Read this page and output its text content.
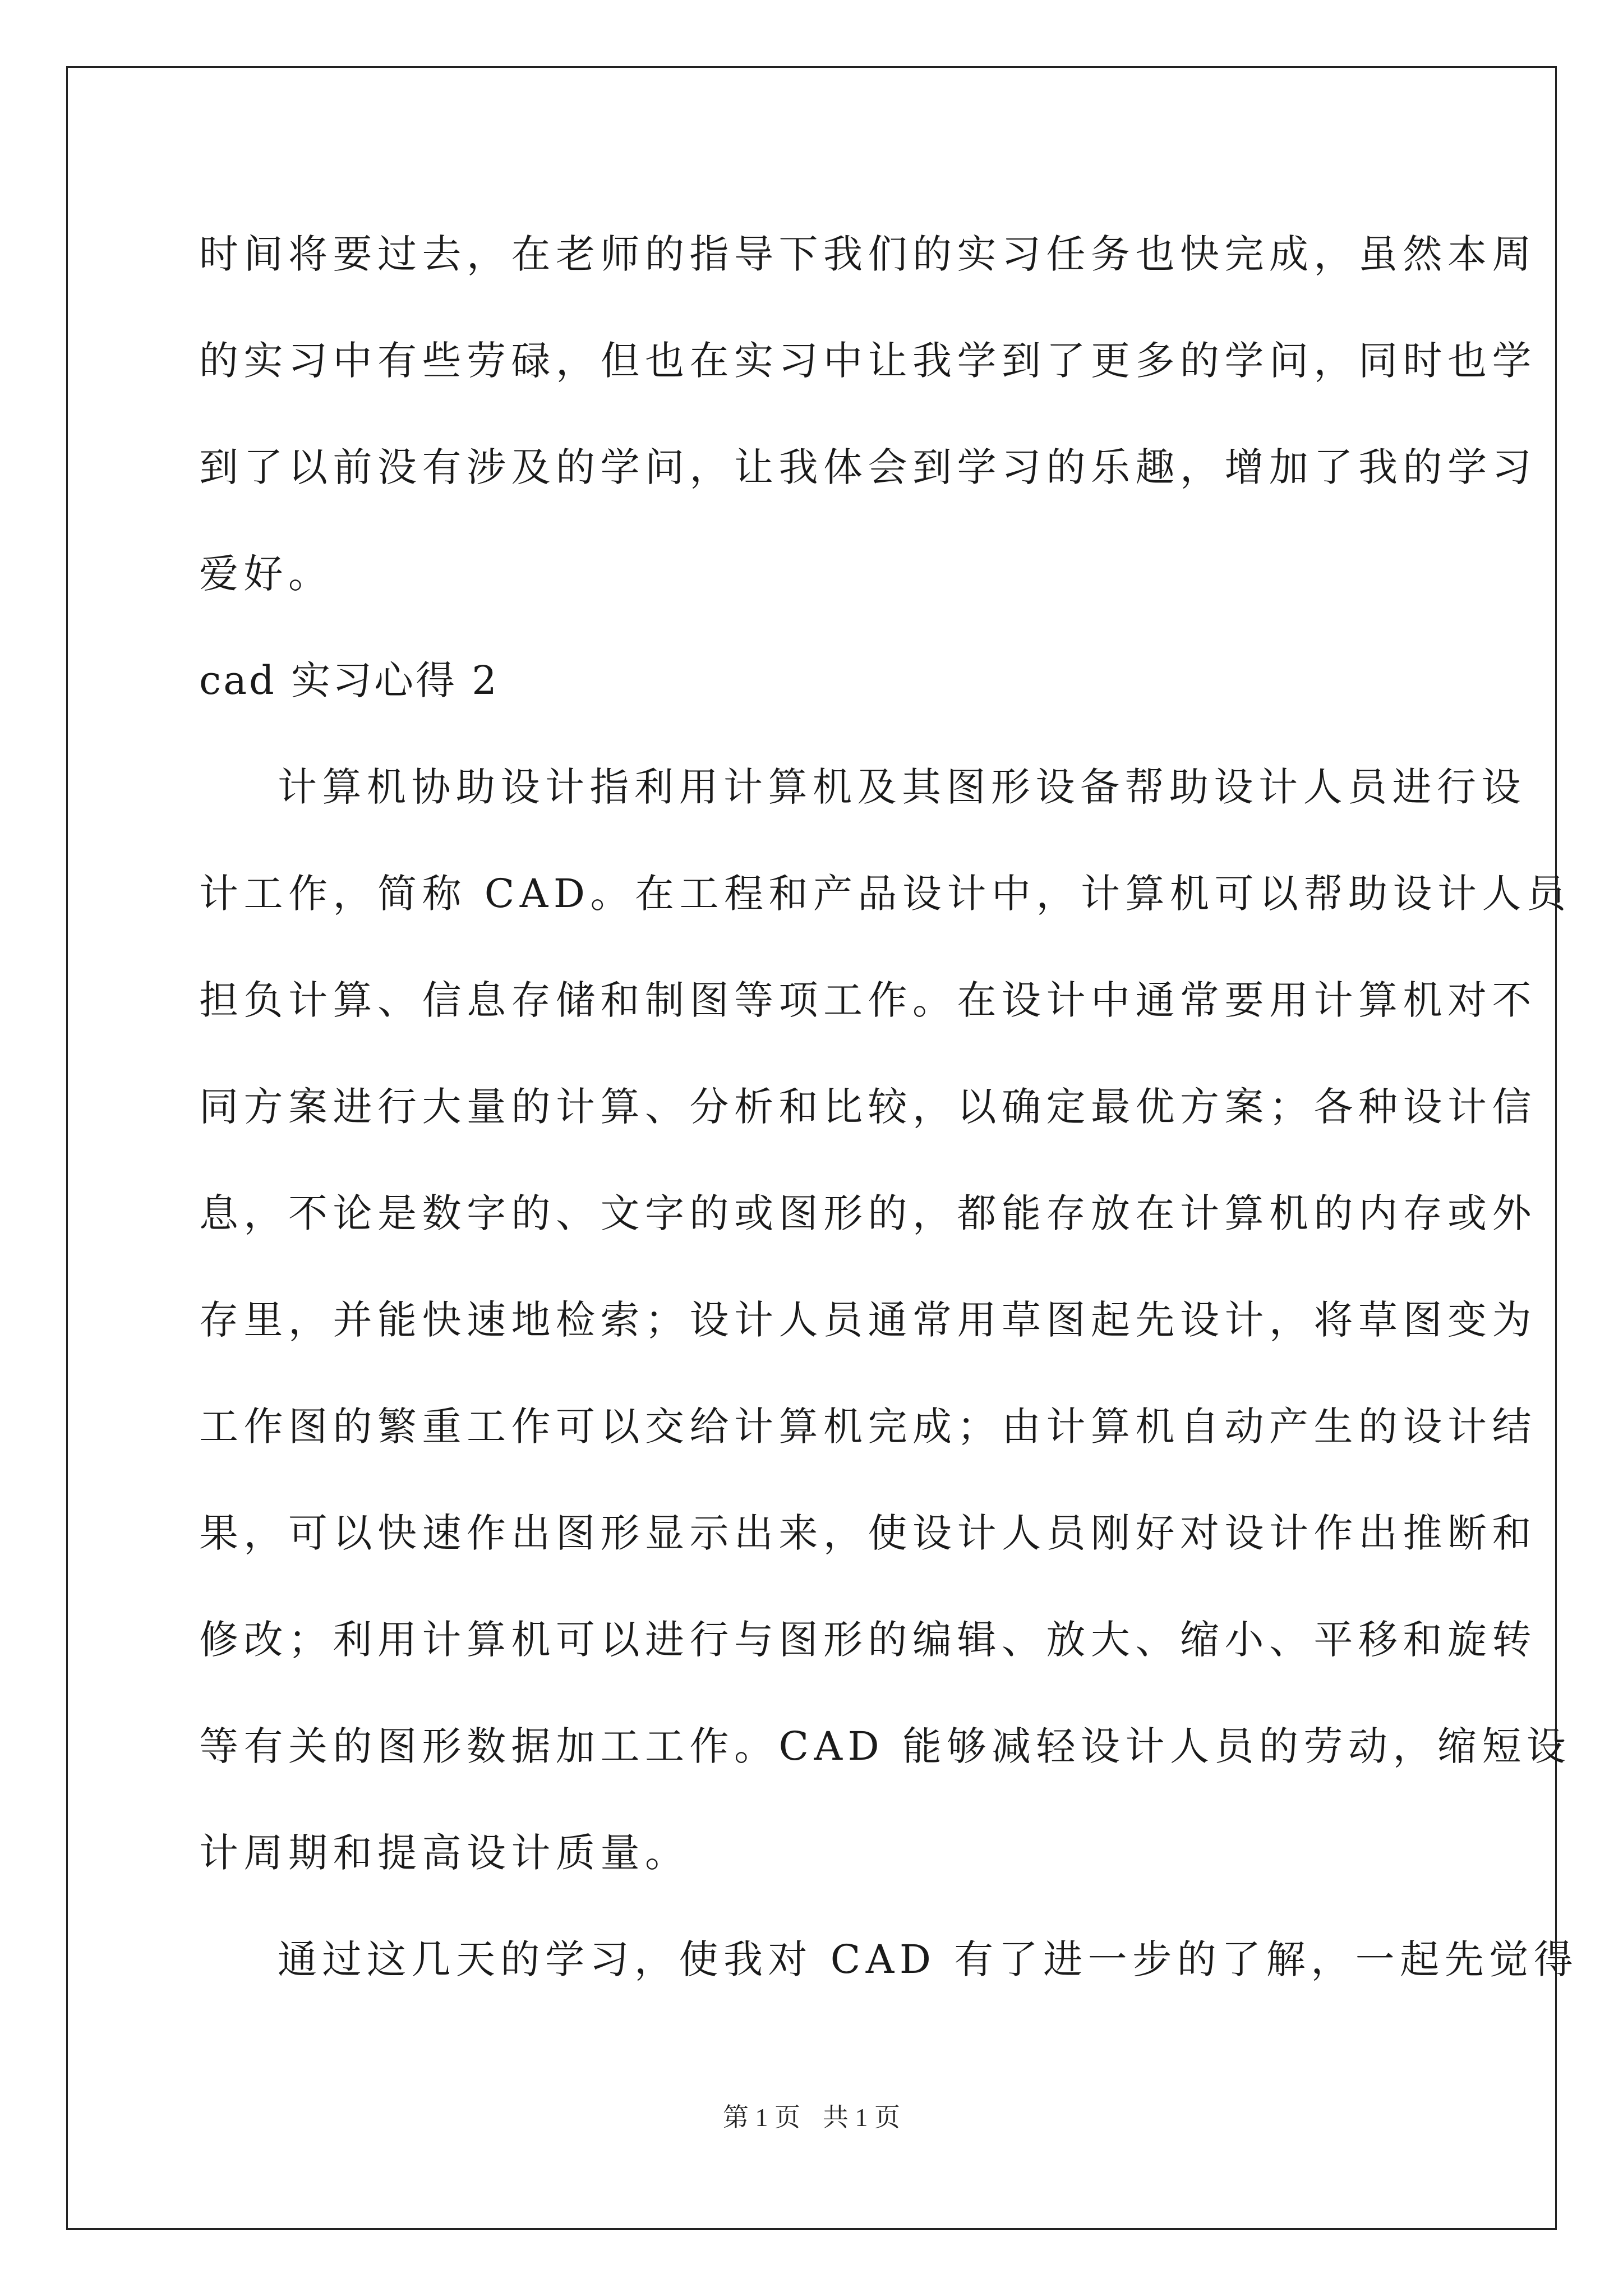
时间将要过去，在老师的指导下我们的实习任务也快完成，虽然本周
的实习中有些劳碌，但也在实习中让我学到了更多的学问，同时也学
到了以前没有涉及的学问，让我体会到学习的乐趣，增加了我的学习
爱好。
cad 实习心得 2
计算机协助设计指利用计算机及其图形设备帮助设计人员进行设
计工作，简称 CAD。在工程和产品设计中，计算机可以帮助设计人员
担负计算、信息存储和制图等项工作。在设计中通常要用计算机对不
同方案进行大量的计算、分析和比较，以确定最优方案；各种设计信
息，不论是数字的、文字的或图形的，都能存放在计算机的内存或外
存里，并能快速地检索；设计人员通常用草图起先设计，将草图变为
工作图的繁重工作可以交给计算机完成；由计算机自动产生的设计结
果，可以快速作出图形显示出来，使设计人员刚好对设计作出推断和
修改；利用计算机可以进行与图形的编辑、放大、缩小、平移和旋转
等有关的图形数据加工工作。CAD 能够减轻设计人员的劳动，缩短设
计周期和提高设计质量。
通过这几天的学习，使我对 CAD 有了进一步的了解，一起先觉得
第 1 页 共 1 页
